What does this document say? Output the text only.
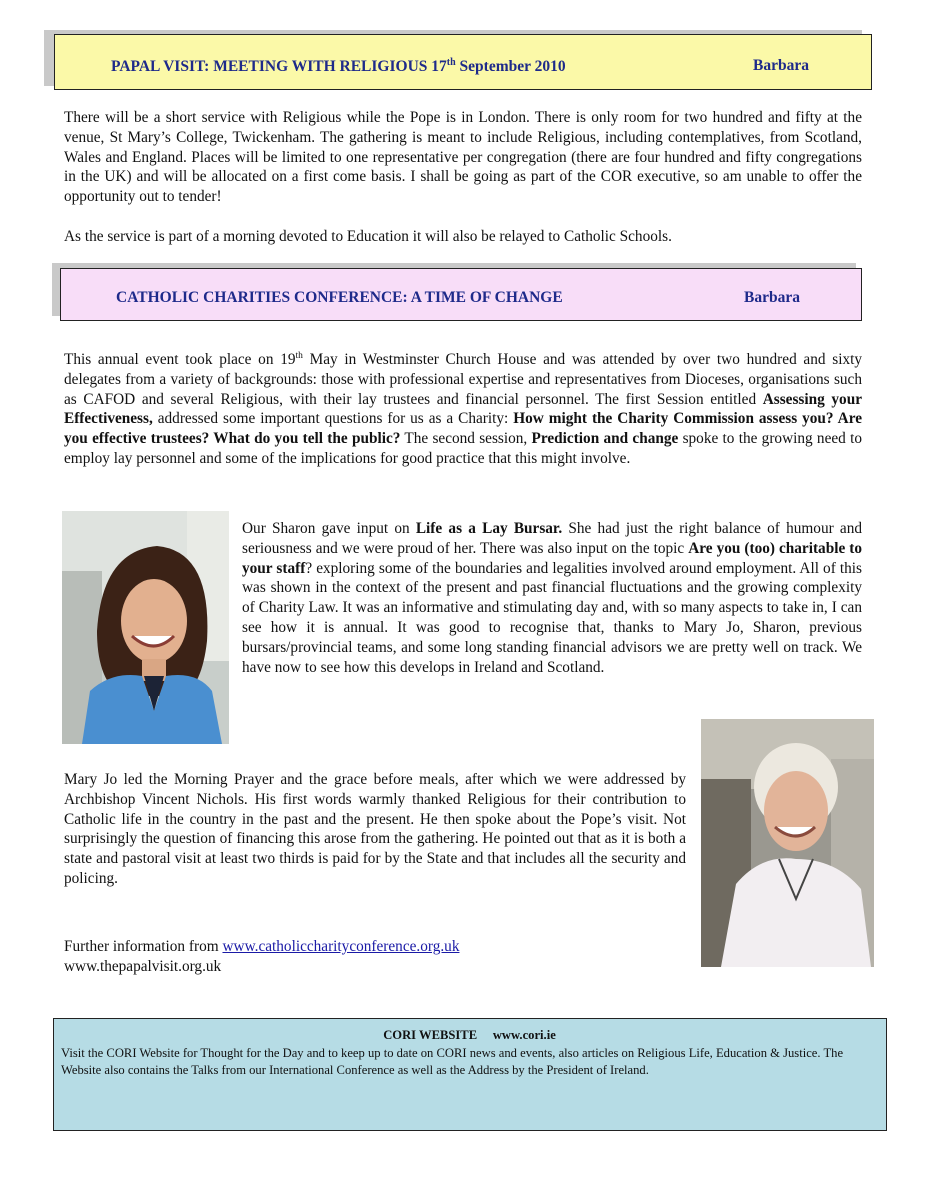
PAPAL VISIT: MEETING WITH RELIGIOUS 17th September 2010	Barbara

There will be a short service with Religious while the Pope is in London. There is only room for two hundred and fifty at the venue, St Mary’s College, Twickenham. The gathering is meant to include Religious, including contemplatives, from Scotland, Wales and England. Places will be limited to one representative per congregation (there are four hundred and fifty congregations in the UK) and will be allocated on a first come basis. I shall be going as part of the COR executive, so am unable to offer the opportunity out to tender!

As the service is part of a morning devoted to Education it will also be relayed to Catholic Schools.

CATHOLIC CHARITIES CONFERENCE: A TIME OF CHANGE	Barbara

This annual event took place on 19th May in Westminster Church House and was attended by over two hundred and sixty delegates from a variety of backgrounds: those with professional expertise and representatives from Dioceses, organisations such as CAFOD and several Religious, with their lay trustees and financial personnel. The first Session entitled Assessing your Effectiveness, addressed some important questions for us as a Charity: How might the Charity Commission assess you? Are you effective trustees? What do you tell the public? The second session, Prediction and change spoke to the growing need to employ lay personnel and some of the implications for good practice that this might involve.

Our Sharon gave input on Life as a Lay Bursar. She had just the right balance of humour and seriousness and we were proud of her. There was also input on the topic Are you (too) charitable to your staff? exploring some of the boundaries and legalities involved around employment. All of this was shown in the context of the present and past financial fluctuations and the growing complexity of Charity Law. It was an informative and stimulating day and, with so many aspects to take in, I can see how it is annual. It was good to recognise that, thanks to Mary Jo, Sharon, previous bursars/provincial teams, and some long standing financial advisors we are pretty well on track. We have now to see how this develops in Ireland and Scotland.

Mary Jo led the Morning Prayer and the grace before meals, after which we were addressed by Archbishop Vincent Nichols. His first words warmly thanked Religious for their contribution to Catholic life in the country in the past and the present. He then spoke about the Pope’s visit. Not surprisingly the question of financing this arose from the gathering. He pointed out that as it is both a state and pastoral visit at least two thirds is paid for by the State and that includes all the security and policing.

Further information from www.catholiccharityconference.org.uk
www.thepapalvisit.org.uk

CORI WEBSITE     www.cori.ie
Visit the CORI Website for Thought for the Day and to keep up to date on CORI news and events, also articles on Religious Life, Education & Justice. The Website also contains the Talks from our International Conference as well as the Address by the President of Ireland.
